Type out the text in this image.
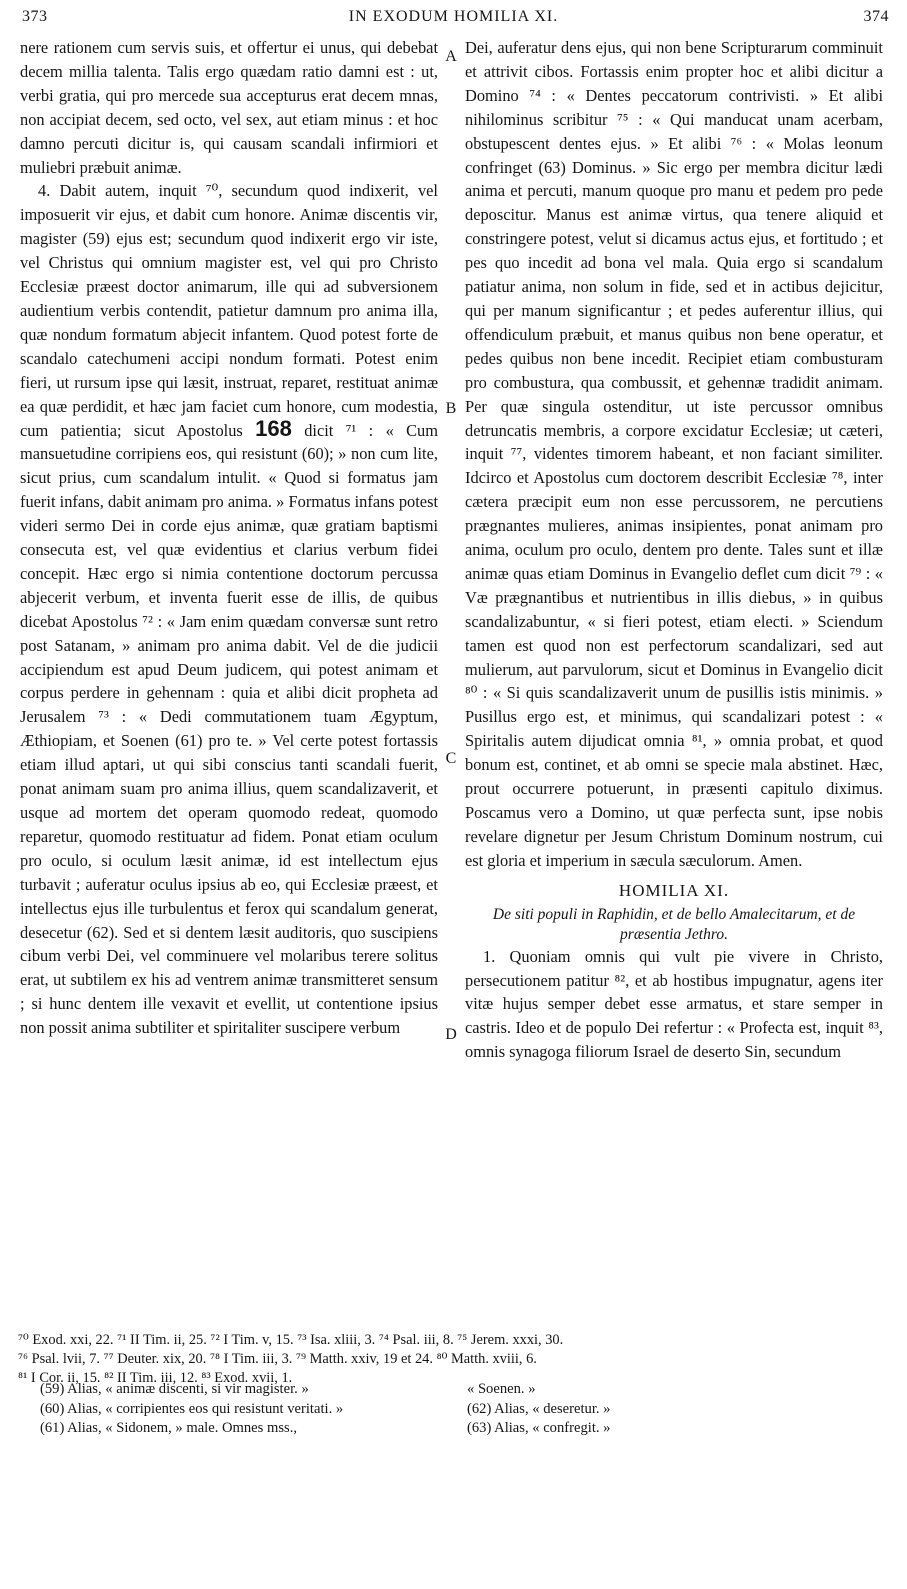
373	IN EXODUM HOMILIA XI.	374
A
B
C
D

nere rationem cum servis suis, et offertur ei unus, qui debebat decem millia talenta. Talis ergo quædam ratio damni est : ut, verbi gratia, qui pro mercede sua accepturus erat decem mnas, non accipiat decem, sed octo, vel sex, aut etiam minus : et hoc damno percuti dicitur is, qui causam scandali infirmiori et muliebri præbuit animæ.

4. Dabit autem, inquit ⁷⁰, secundum quod indixerit, vel imposuerit vir ejus, et dabit cum honore. Animæ discentis vir, magister (59) ejus est; secundum quod indixerit ergo vir iste, vel Christus qui omnium magister est, vel qui pro Christo Ecclesiæ præest doctor animarum, ille qui ad subversionem audientium verbis contendit, patietur damnum pro anima illa, quæ nondum formatum abjecit infantem. Quod potest forte de scandalo catechumeni accipi nondum formati. Potest enim fieri, ut rursum ipse qui læsit, instruat, reparet, restituat animæ ea quæ perdidit, et hæc jam faciet cum honore, cum modestia, cum patientia; sicut Apostolus 168 dicit ⁷¹ : « Cum mansuetudine corripiens eos, qui resistunt (60); » non cum lite, sicut prius, cum scandalum intulit. « Quod si formatus jam fuerit infans, dabit animam pro anima. » Formatus infans potest videri sermo Dei in corde ejus animæ, quæ gratiam baptismi consecuta est, vel quæ evidentius et clarius verbum fidei concepit. Hæc ergo si nimia contentione doctorum percussa abjecerit verbum, et inventa fuerit esse de illis, de quibus dicebat Apostolus ⁷² : « Jam enim quædam conversæ sunt retro post Satanam, » animam pro anima dabit. Vel de die judicii accipiendum est apud Deum judicem, qui potest animam et corpus perdere in gehennam : quia et alibi dicit propheta ad Jerusalem ⁷³ : « Dedi commutationem tuam Ægyptum, Æthiopiam, et Soenen (61) pro te. » Vel certe potest fortassis etiam illud aptari, ut qui sibi conscius tanti scandali fuerit, ponat animam suam pro anima illius, quem scandalizaverit, et usque ad mortem det operam quomodo redeat, quomodo reparetur, quomodo restituatur ad fidem. Ponat etiam oculum pro oculo, si oculum læsit animæ, id est intellectum ejus turbavit ; auferatur oculus ipsius ab eo, qui Ecclesiæ præest, et intellectus ejus ille turbulentus et ferox qui scandalum generat, desecetur (62). Sed et si dentem læsit auditoris, quo suscipiens cibum verbi Dei, vel comminuere vel molaribus terere solitus erat, ut subtilem ex his ad ventrem animæ transmitteret sensum ; si hunc dentem ille vexavit et evellit, ut contentione ipsius non possit anima subtiliter et spiritaliter suscipere verbum

Dei, auferatur dens ejus, qui non bene Scripturarum comminuit et attrivit cibos. Fortassis enim propter hoc et alibi dicitur a Domino ⁷⁴ : « Dentes peccatorum contrivisti. » Et alibi nihilominus scribitur ⁷⁵ : « Qui manducat unam acerbam, obstupescent dentes ejus. » Et alibi ⁷⁶ : « Molas leonum confringet (63) Dominus. » Sic ergo per membra dicitur lædi anima et percuti, manum quoque pro manu et pedem pro pede deposcitur. Manus est animæ virtus, qua tenere aliquid et constringere potest, velut si dicamus actus ejus, et fortitudo ; et pes quo incedit ad bona vel mala. Quia ergo si scandalum patiatur anima, non solum in fide, sed et in actibus dejicitur, qui per manum significantur ; et pedes auferentur illius, qui offendiculum præbuit, et manus quibus non bene operatur, et pedes quibus non bene incedit. Recipiet etiam combusturam pro combustura, qua combussit, et gehennæ tradidit animam. Per quæ singula ostenditur, ut iste percussor omnibus detruncatis membris, a corpore excidatur Ecclesiæ; ut cæteri, inquit ⁷⁷, videntes timorem habeant, et non faciant similiter. Idcirco et Apostolus cum doctorem describit Ecclesiæ ⁷⁸, inter cætera præcipit eum non esse percussorem, ne percutiens prægnantes mulieres, animas insipientes, ponat animam pro anima, oculum pro oculo, dentem pro dente. Tales sunt et illæ animæ quas etiam Dominus in Evangelio deflet cum dicit ⁷⁹ : « Væ prægnantibus et nutrientibus in illis diebus, » in quibus scandalizabuntur, « si fieri potest, etiam electi. » Sciendum tamen est quod non est perfectorum scandalizari, sed aut mulierum, aut parvulorum, sicut et Dominus in Evangelio dicit ⁸⁰ : « Si quis scandalizaverit unum de pusillis istis minimis. » Pusillus ergo est, et minimus, qui scandalizari potest : « Spiritalis autem dijudicat omnia ⁸¹, » omnia probat, et quod bonum est, continet, et ab omni se specie mala abstinet. Hæc, prout occurrere potuerunt, in præsenti capitulo diximus. Poscamus vero a Domino, ut quæ perfecta sunt, ipse nobis revelare dignetur per Jesum Christum Dominum nostrum, cui est gloria et imperium in sæcula sæculorum. Amen.

HOMILIA XI.
De siti populi in Raphidin, et de bello Amalecitarum, et de præsentia Jethro.

1. Quoniam omnis qui vult pie vivere in Christo, persecutionem patitur ⁸², et ab hostibus impugnatur, agens iter vitæ hujus semper debet esse armatus, et stare semper in castris. Ideo et de populo Dei refertur : « Profecta est, inquit ⁸³, omnis synagoga filiorum Israel de deserto Sin, secundum

⁷⁰ Exod. xxi, 22. ⁷¹ II Tim. ii, 25. ⁷² I Tim. v, 15. ⁷³ Isa. xliii, 3. ⁷⁴ Psal. iii, 8. ⁷⁵ Jerem. xxxi, 30.
⁷⁶ Psal. lvii, 7. ⁷⁷ Deuter. xix, 20. ⁷⁸ I Tim. iii, 3. ⁷⁹ Matth. xxiv, 19 et 24. ⁸⁰ Matth. xviii, 6.
⁸¹ I Cor. ii, 15. ⁸² II Tim. iii, 12. ⁸³ Exod. xvii, 1.
(59) Alias, « animæ discenti, si vir magister. »
(60) Alias, « corripientes eos qui resistunt veritati. »
(61) Alias, « Sidonem, » male. Omnes mss.,
« Soenen. »
(62) Alias, « deseretur. »
(63) Alias, « confregit. »
